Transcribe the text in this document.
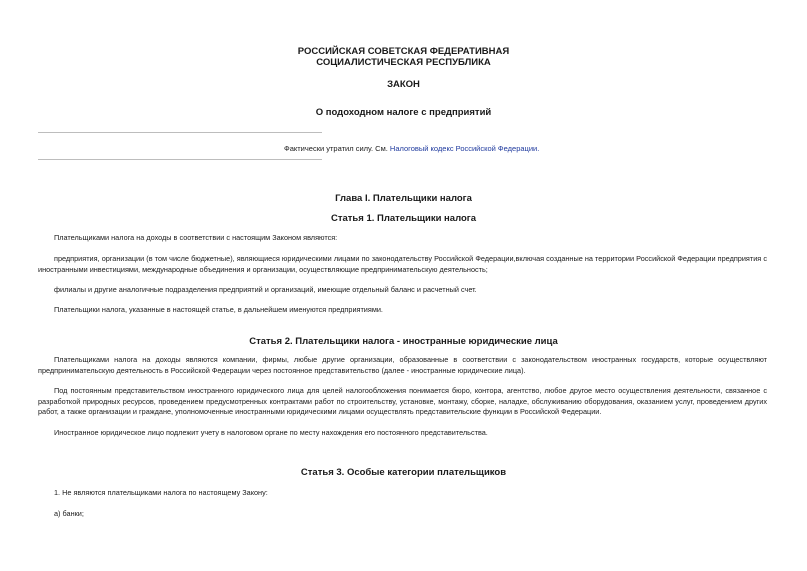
РОССИЙСКАЯ СОВЕТСКАЯ ФЕДЕРАТИВНАЯ
СОЦИАЛИСТИЧЕСКАЯ РЕСПУБЛИКА
ЗАКОН
О подоходном налоге с предприятий
Фактически утратил силу. См. Налоговый кодекс Российской Федерации.
Глава I. Плательщики налога
Статья 1. Плательщики налога

Плательщиками налога на доходы в соответствии с настоящим Законом являются:

предприятия, организации (в том числе бюджетные), являющиеся юридическими лицами по законодательству Российской Федерации,включая созданные на территории Российской Федерации предприятия с иностранными инвестициями, международные объединения и организации, осуществляющие предпринимательскую деятельность;

филиалы и другие аналогичные подразделения предприятий и организаций, имеющие отдельный баланс и расчетный счет.

Плательщики налога, указанные в настоящей статье, в дальнейшем именуются предприятиями.

Статья 2. Плательщики налога - иностранные юридические лица

Плательщиками налога на доходы являются компании, фирмы, любые другие организации, образованные в соответствии с законодательством иностранных государств, которые осуществляют предпринимательскую деятельность в Российской Федерации через постоянное представительство (далее - иностранные юридические лица).

Под постоянным представительством иностранного юридического лица для целей налогообложения понимается бюро, контора, агентство, любое другое место осуществления деятельности, связанное с разработкой природных ресурсов, проведением предусмотренных контрактами работ по строительству, установке, монтажу, сборке, наладке, обслуживанию оборудования, оказанием услуг, проведением других работ, а также организации и граждане, уполномоченные иностранными юридическими лицами осуществлять представительские функции в Российской Федерации.

Иностранное юридическое лицо подлежит учету в налоговом органе по месту нахождения его постоянного представительства.

Статья 3. Особые категории плательщиков

1. Не являются плательщиками налога по настоящему Закону:

а) банки;
